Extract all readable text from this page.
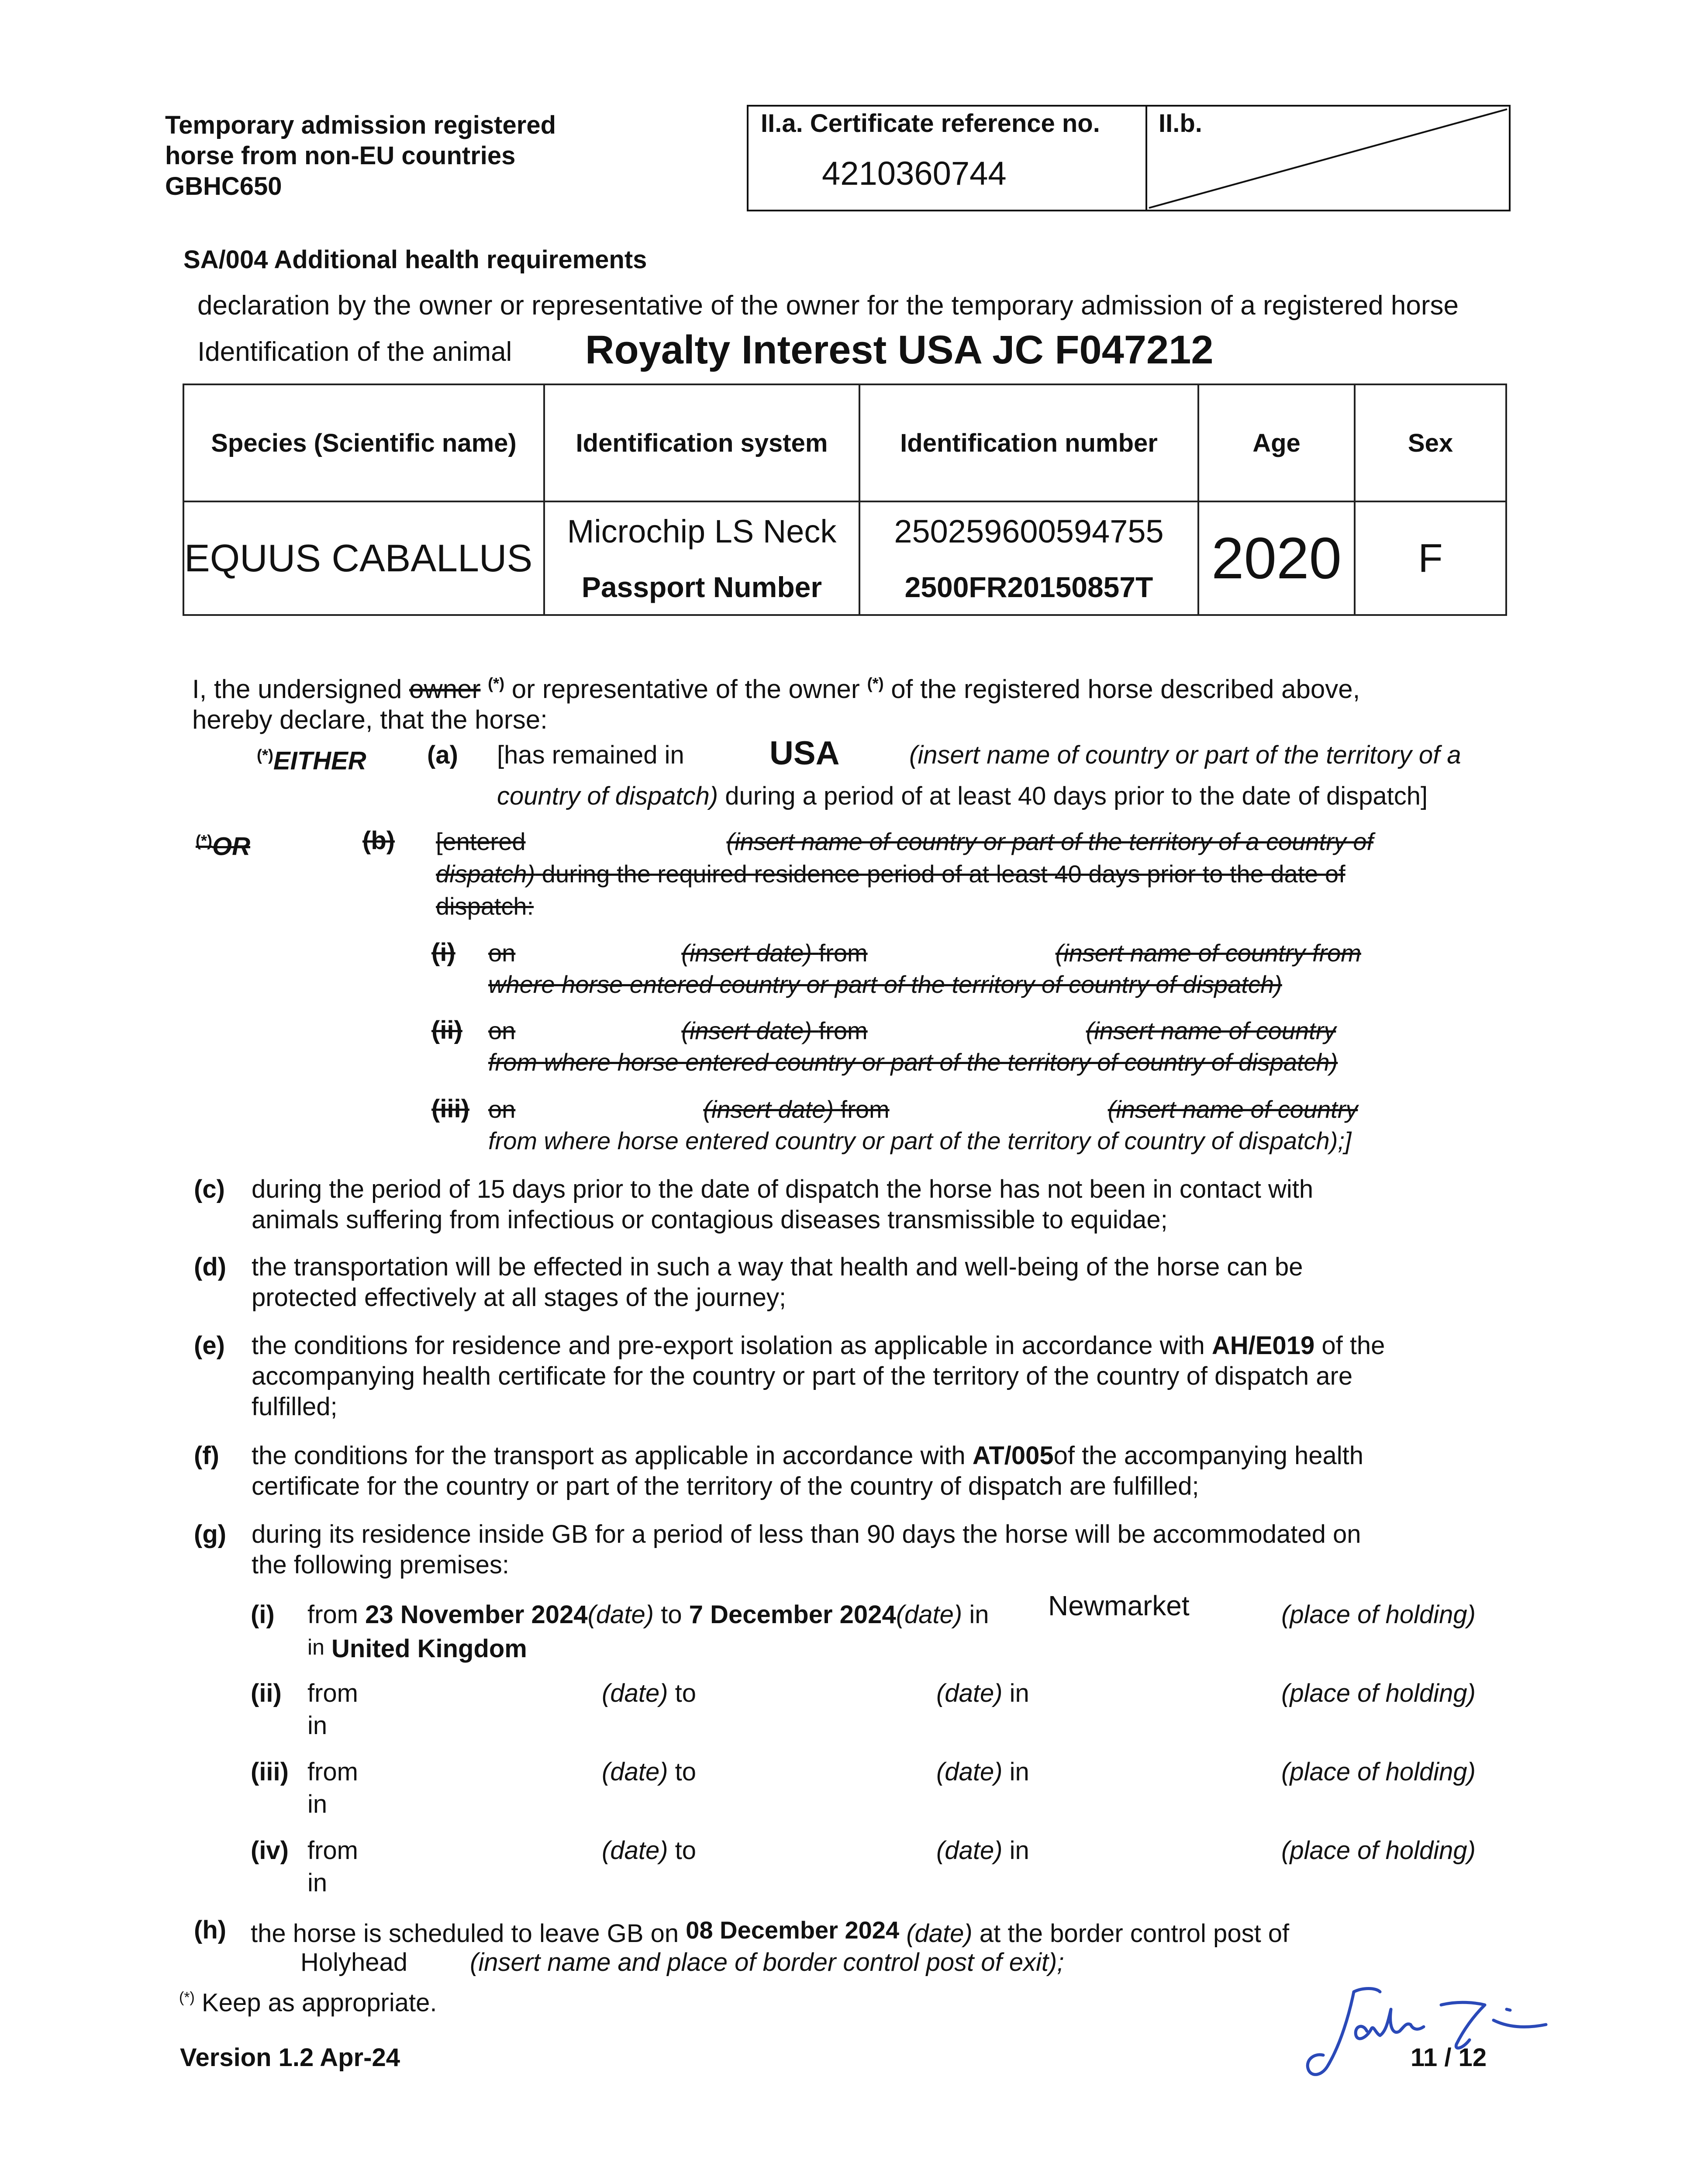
Temporary admission registered
horse from non-EU countries
GBHC650
II.a. Certificate reference no.
4210360744
II.b.
SA/004 Additional health requirements
declaration by the owner or representative of the owner for the temporary admission of a registered horse
Identification of the animal Royalty Interest USA JC F047212
Species (Scientific name)	Identification system	Identification number	Age	Sex
EQUUS CABALLUS	Microchip LS Neck	250259600594755	2020	F
	Passport Number	2500FR20150857T		
I, the undersigned owner (*) or representative of the owner (*) of the registered horse described above,
hereby declare, that the horse:
(*)EITHER (a) [has remained in	USA	(insert name of country or part of the territory of a
country of dispatch) during a period of at least 40 days prior to the date of dispatch]
(*)OR	(b) [entered	(insert name of country or part of the territory of a country of
dispatch) during the required residence period of at least 40 days prior to the date of
dispatch:
(i) on	(insert date) from	(insert name of country from
where horse entered country or part of the territory of country of dispatch)
(ii) on	(insert date) from	(insert name of country
from where horse entered country or part of the territory of country of dispatch)
(iii) on	(insert date) from	(insert name of country
from where horse entered country or part of the territory of country of dispatch);]
(c) during the period of 15 days prior to the date of dispatch the horse has not been in contact with
animals suffering from infectious or contagious diseases transmissible to equidae;
(d) the transportation will be effected in such a way that health and well-being of the horse can be
protected effectively at all stages of the journey;
(e) the conditions for residence and pre-export isolation as applicable in accordance with AH/E019 of the
accompanying health certificate for the country or part of the territory of the country of dispatch are
fulfilled;
(f) the conditions for the transport as applicable in accordance with AT/005of the accompanying health
certificate for the country or part of the territory of the country of dispatch are fulfilled;
(g) during its residence inside GB for a period of less than 90 days the horse will be accommodated on
the following premises:
(i) from 23 November 2024(date) to 7 December 2024(date) in Newmarket	(place of holding)
in United Kingdom
(ii) from	(date) to	(date) in	(place of holding)
in
(iii) from	(date) to	(date) in	(place of holding)
in
(iv) from	(date) to	(date) in	(place of holding)
in
(h) the horse is scheduled to leave GB on 08 December 2024 (date) at the border control post of
Holyhead (insert name and place of border control post of exit);
(*) Keep as appropriate.
Version 1.2 Apr-24	11 / 12
